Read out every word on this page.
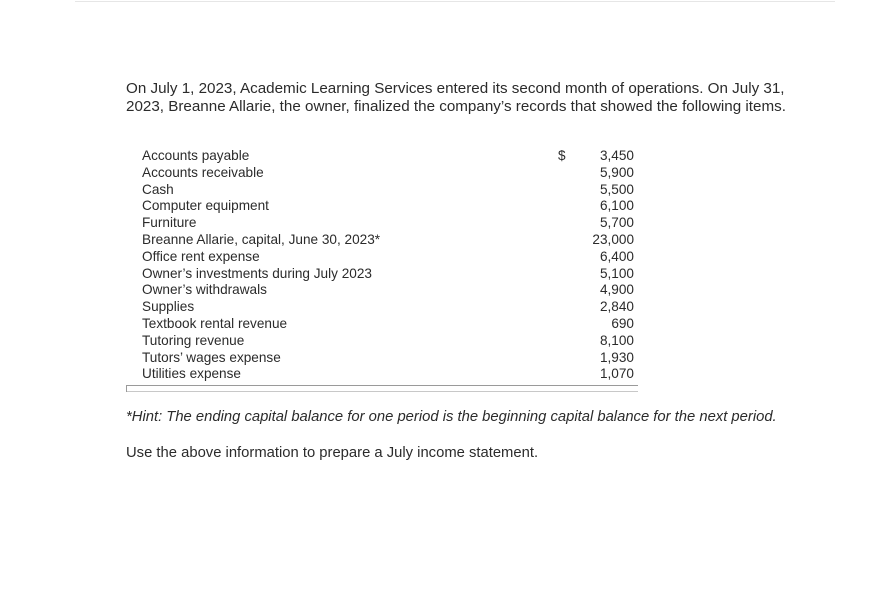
On July 1, 2023, Academic Learning Services entered its second month of operations. On July 31,
2023, Breanne Allarie, the owner, finalized the company’s records that showed the following items.
$
Accounts payable	3,450
Accounts receivable	5,900
Cash	5,500
Computer equipment	6,100
Furniture	5,700
Breanne Allarie, capital, June 30, 2023*	23,000
Office rent expense	6,400
Owner’s investments during July 2023	5,100
Owner’s withdrawals	4,900
Supplies	2,840
Textbook rental revenue	690
Tutoring revenue	8,100
Tutors’ wages expense	1,930
Utilities expense	1,070
*Hint: The ending capital balance for one period is the beginning capital balance for the next period.
Use the above information to prepare a July income statement.
